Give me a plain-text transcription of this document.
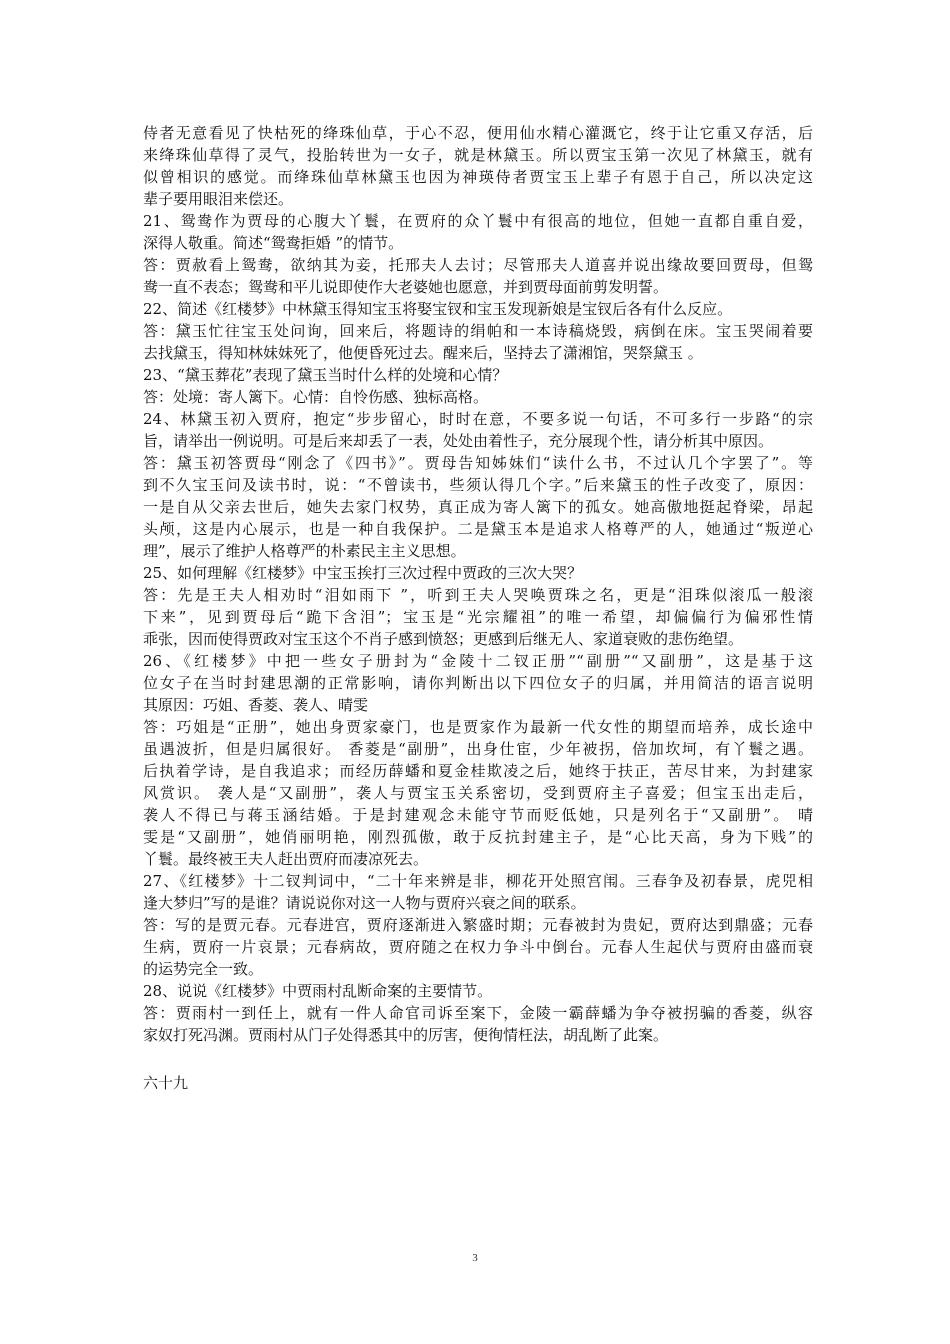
侍者无意看见了快枯死的绛珠仙草，于心不忍，便用仙水精心灌溉它，终于让它重又存活，后
来绛珠仙草得了灵气，投胎转世为一女子，就是林黛玉。所以贾宝玉第一次见了林黛玉，就有
似曾相识的感觉。而绛珠仙草林黛玉也因为神瑛侍者贾宝玉上辈子有恩于自己，所以决定这
辈子要用眼泪来偿还。
21、鸳鸯作为贾母的心腹大丫鬟，在贾府的众丫鬟中有很高的地位，但她一直都自重自爱，
深得人敬重。简述“鸳鸯拒婚 ”的情节。
答：贾赦看上鸳鸯，欲纳其为妾，托邢夫人去讨；尽管邢夫人道喜并说出缘故要回贾母，但鸳
鸯一直不表态；鸳鸯和平儿说即使作大老婆她也愿意，并到贾母面前剪发明誓。
22、简述《红楼梦》中林黛玉得知宝玉将娶宝钗和宝玉发现新娘是宝钗后各有什么反应。
答：黛玉忙往宝玉处问询，回来后，将题诗的绢帕和一本诗稿烧毁，病倒在床。宝玉哭闹着要
去找黛玉，得知林妹妹死了，他便昏死过去。醒来后，坚持去了潇湘馆，哭祭黛玉 。
23、“黛玉葬花”表现了黛玉当时什么样的处境和心情？
答：处境：寄人篱下。心情：自怜伤感、独标高格。
24、林黛玉初入贾府，抱定“步步留心，时时在意，不要多说一句话，不可多行一步路“的宗
旨，请举出一例说明。可是后来却丢了一表，处处由着性子，充分展现个性，请分析其中原因。
答：黛玉初答贾母“刚念了《四书》”。贾母告知姊妹们“读什么书，不过认几个字罢了”。等
到不久宝玉问及读书时，说：“不曾读书，些须认得几个字。”后来黛玉的性子改变了，原因：
一是自从父亲去世后，她失去家门权势，真正成为寄人篱下的孤女。她高傲地挺起脊梁，昂起
头颅，这是内心展示，也是一种自我保护。二是黛玉本是追求人格尊严的人，她通过“叛逆心
理”，展示了维护人格尊严的朴素民主主义思想。
25、如何理解《红楼梦》中宝玉挨打三次过程中贾政的三次大哭？
答：先是王夫人相劝时“泪如雨下 ”，听到王夫人哭唤贾珠之名，更是“泪珠似滚瓜一般滚
下来”，见到贾母后“跪下含泪”；宝玉是“光宗耀祖”的唯一希望，却偏偏行为偏邪性情
乖张，因而使得贾政对宝玉这个不肖子感到愤怒；更感到后继无人、家道衰败的悲伤绝望。
26、《红楼梦》中把一些女子册封为“金陵十二钗正册”“副册”“又副册”，这是基于这
位女子在当时封建思潮的正常影响，请你判断出以下四位女子的归属，并用简洁的语言说明
其原因：巧姐、香菱、袭人、晴雯
答：巧姐是“正册”，她出身贾家豪门，也是贾家作为最新一代女性的期望而培养，成长途中
虽遇波折，但是归属很好。 香菱是“副册”，出身仕宦，少年被拐，倍加坎坷，有丫鬟之遇。
后执着学诗，是自我追求；而经历薛蟠和夏金桂欺凌之后，她终于扶正，苦尽甘来，为封建家
风赏识。 袭人是“又副册”，袭人与贾宝玉关系密切，受到贾府主子喜爱；但宝玉出走后，
袭人不得已与蒋玉涵结婚。于是封建观念未能守节而贬低她，只是列名于“又副册”。 晴
雯是“又副册”，她俏丽明艳，刚烈孤傲，敢于反抗封建主子，是“心比天高，身为下贱”的
丫鬟。最终被王夫人赶出贾府而凄凉死去。
27、《红楼梦》十二钗判词中，“二十年来辨是非，柳花开处照宫闱。三春争及初春景，虎兕相
逢大梦归”写的是谁？请说说你对这一人物与贾府兴衰之间的联系。
答：写的是贾元春。元春进宫，贾府逐渐进入繁盛时期；元春被封为贵妃，贾府达到鼎盛；元春
生病，贾府一片哀景；元春病故，贾府随之在权力争斗中倒台。元春人生起伏与贾府由盛而衰
的运势完全一致。
28、说说《红楼梦》中贾雨村乱断命案的主要情节。
答：贾雨村一到任上，就有一件人命官司诉至案下，金陵一霸薛蟠为争夺被拐骗的香菱，纵容
家奴打死冯渊。贾雨村从门子处得悉其中的厉害，便徇情枉法，胡乱断了此案。
六十九
3
